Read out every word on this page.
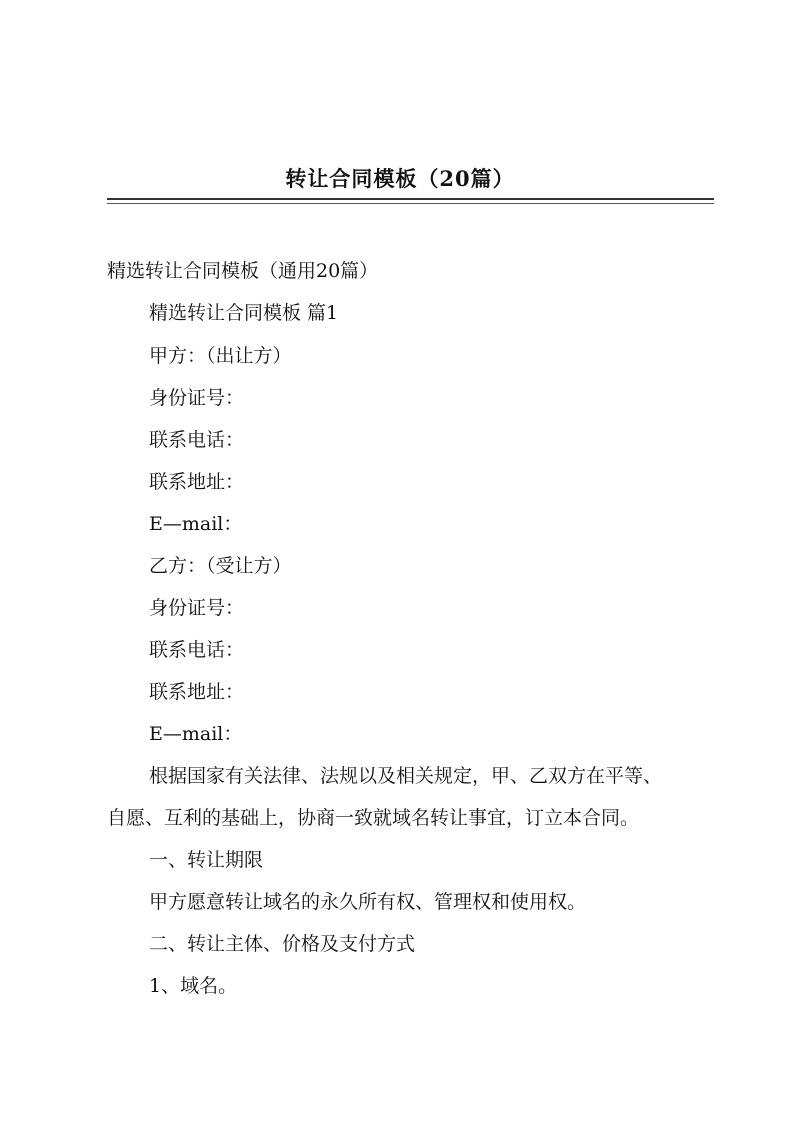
转让合同模板（20篇）
精选转让合同模板（通用20篇）
精选转让合同模板 篇1
甲方：（出让方）
身份证号：
联系电话：
联系地址：
E—mail：
乙方：（受让方）
身份证号：
联系电话：
联系地址：
E—mail：
根据国家有关法律、法规以及相关规定，甲、乙双方在平等、
自愿、互利的基础上，协商一致就域名转让事宜，订立本合同。
一、转让期限
甲方愿意转让域名的永久所有权、管理权和使用权。
二、转让主体、价格及支付方式
1、域名。
